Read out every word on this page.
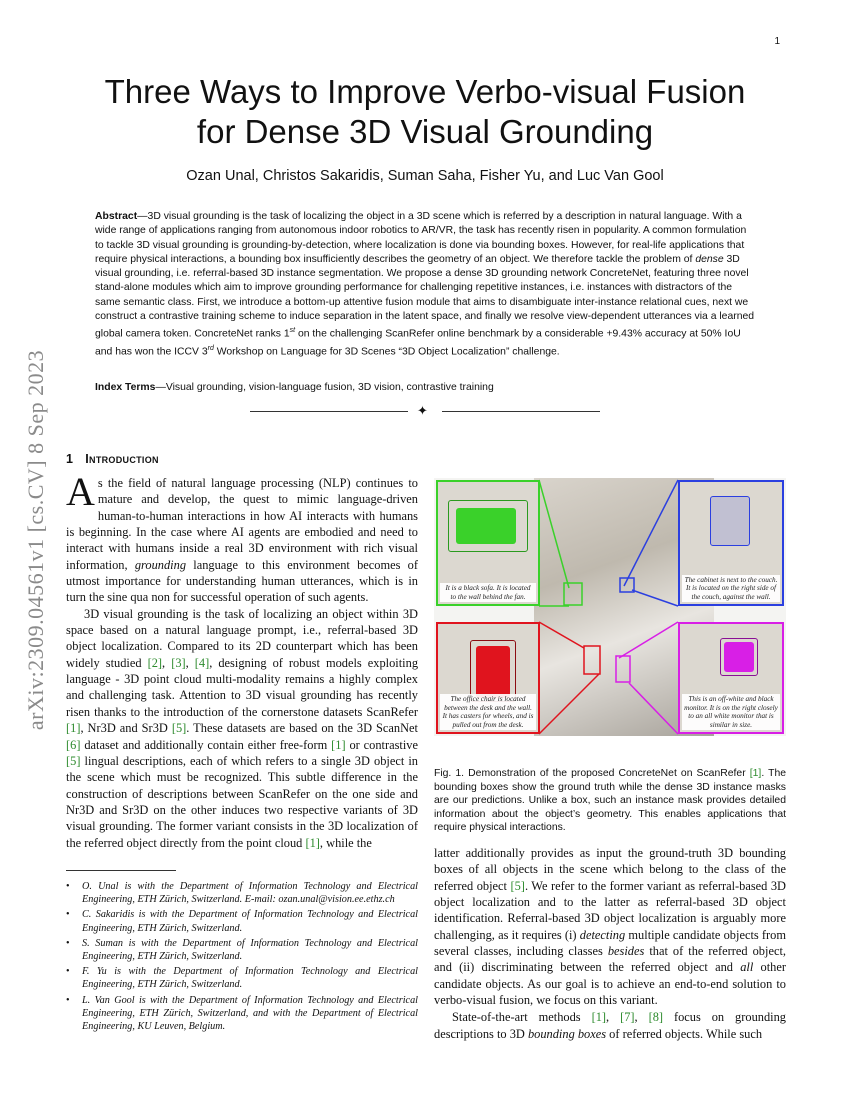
1
arXiv:2309.04561v1 [cs.CV] 8 Sep 2023
Three Ways to Improve Verbo-visual Fusion
for Dense 3D Visual Grounding
Ozan Unal, Christos Sakaridis, Suman Saha, Fisher Yu, and Luc Van Gool
Abstract—3D visual grounding is the task of localizing the object in a 3D scene which is referred by a description in natural language. With a wide range of applications ranging from autonomous indoor robotics to AR/VR, the task has recently risen in popularity. A common formulation to tackle 3D visual grounding is grounding-by-detection, where localization is done via bounding boxes. However, for real-life applications that require physical interactions, a bounding box insufficiently describes the geometry of an object. We therefore tackle the problem of dense 3D visual grounding, i.e. referral-based 3D instance segmentation. We propose a dense 3D grounding network ConcreteNet, featuring three novel stand-alone modules which aim to improve grounding performance for challenging repetitive instances, i.e. instances with distractors of the same semantic class. First, we introduce a bottom-up attentive fusion module that aims to disambiguate inter-instance relational cues, next we construct a contrastive training scheme to induce separation in the latent space, and finally we resolve view-dependent utterances via a learned global camera token. ConcreteNet ranks 1st on the challenging ScanRefer online benchmark by a considerable +9.43% accuracy at 50% IoU and has won the ICCV 3rd Workshop on Language for 3D Scenes “3D Object Localization” challenge.
Index Terms—Visual grounding, vision-language fusion, 3D vision, contrastive training
✦
1 Introduction

As the field of natural language processing (NLP) continues to mature and develop, the quest to mimic language-driven human-to-human interactions in how AI interacts with humans is beginning. In the case where AI agents are embodied and need to interact with humans inside a real 3D environment with rich visual information, grounding language to this environment becomes of utmost importance for understanding human utterances, which is in turn the sine qua non for successful operation of such agents.

3D visual grounding is the task of localizing an object within 3D space based on a natural language prompt, i.e., referral-based 3D object localization. Compared to its 2D counterpart which has been widely studied [2], [3], [4], designing of robust models exploiting language - 3D point cloud multi-modality remains a highly complex and challenging task. Attention to 3D visual grounding has recently risen thanks to the introduction of the cornerstone datasets ScanRefer [1], Nr3D and Sr3D [5]. These datasets are based on the 3D ScanNet [6] dataset and additionally contain either free-form [1] or contrastive [5] lingual descriptions, each of which refers to a single 3D object in the scene which must be recognized. This subtle difference in the construction of descriptions between ScanRefer on the one side and Nr3D and Sr3D on the other induces two respective variants of 3D visual grounding. The former variant consists in the 3D localization of the referred object directly from the point cloud [1], while the

• O. Unal is with the Department of Information Technology and Electrical Engineering, ETH Zürich, Switzerland. E-mail: ozan.unal@vision.ee.ethz.ch
• C. Sakaridis is with the Department of Information Technology and Electrical Engineering, ETH Zürich, Switzerland.
• S. Suman is with the Department of Information Technology and Electrical Engineering, ETH Zürich, Switzerland.
• F. Yu is with the Department of Information Technology and Electrical Engineering, ETH Zürich, Switzerland.
• L. Van Gool is with the Department of Information Technology and Electrical Engineering, ETH Zürich, Switzerland, and with the Department of Electrical Engineering, KU Leuven, Belgium.
It is a black sofa. It is located to the wall behind the fan.
The cabinet is next to the couch. It is located on the right side of the couch, against the wall.
The office chair is located between the desk and the wall. It has casters for wheels, and is pulled out from the desk.
This is an off-white and black monitor. It is on the right closely to an all white monitor that is similar in size.
Fig. 1. Demonstration of the proposed ConcreteNet on ScanRefer [1]. The bounding boxes show the ground truth while the dense 3D instance masks are our predictions. Unlike a box, such an instance mask provides detailed information about the object’s geometry. This enables applications that require physical interactions.

latter additionally provides as input the ground-truth 3D bounding boxes of all objects in the scene which belong to the class of the referred object [5]. We refer to the former variant as referral-based 3D object localization and to the latter as referral-based 3D object identification. Referral-based 3D object localization is arguably more challenging, as it requires (i) detecting multiple candidate objects from several classes, including classes besides that of the referred object, and (ii) discriminating between the referred object and all other candidate objects. As our goal is to achieve an end-to-end solution to verbo-visual fusion, we focus on this variant.

State-of-the-art methods [1], [7], [8] focus on grounding descriptions to 3D bounding boxes of referred objects. While such
